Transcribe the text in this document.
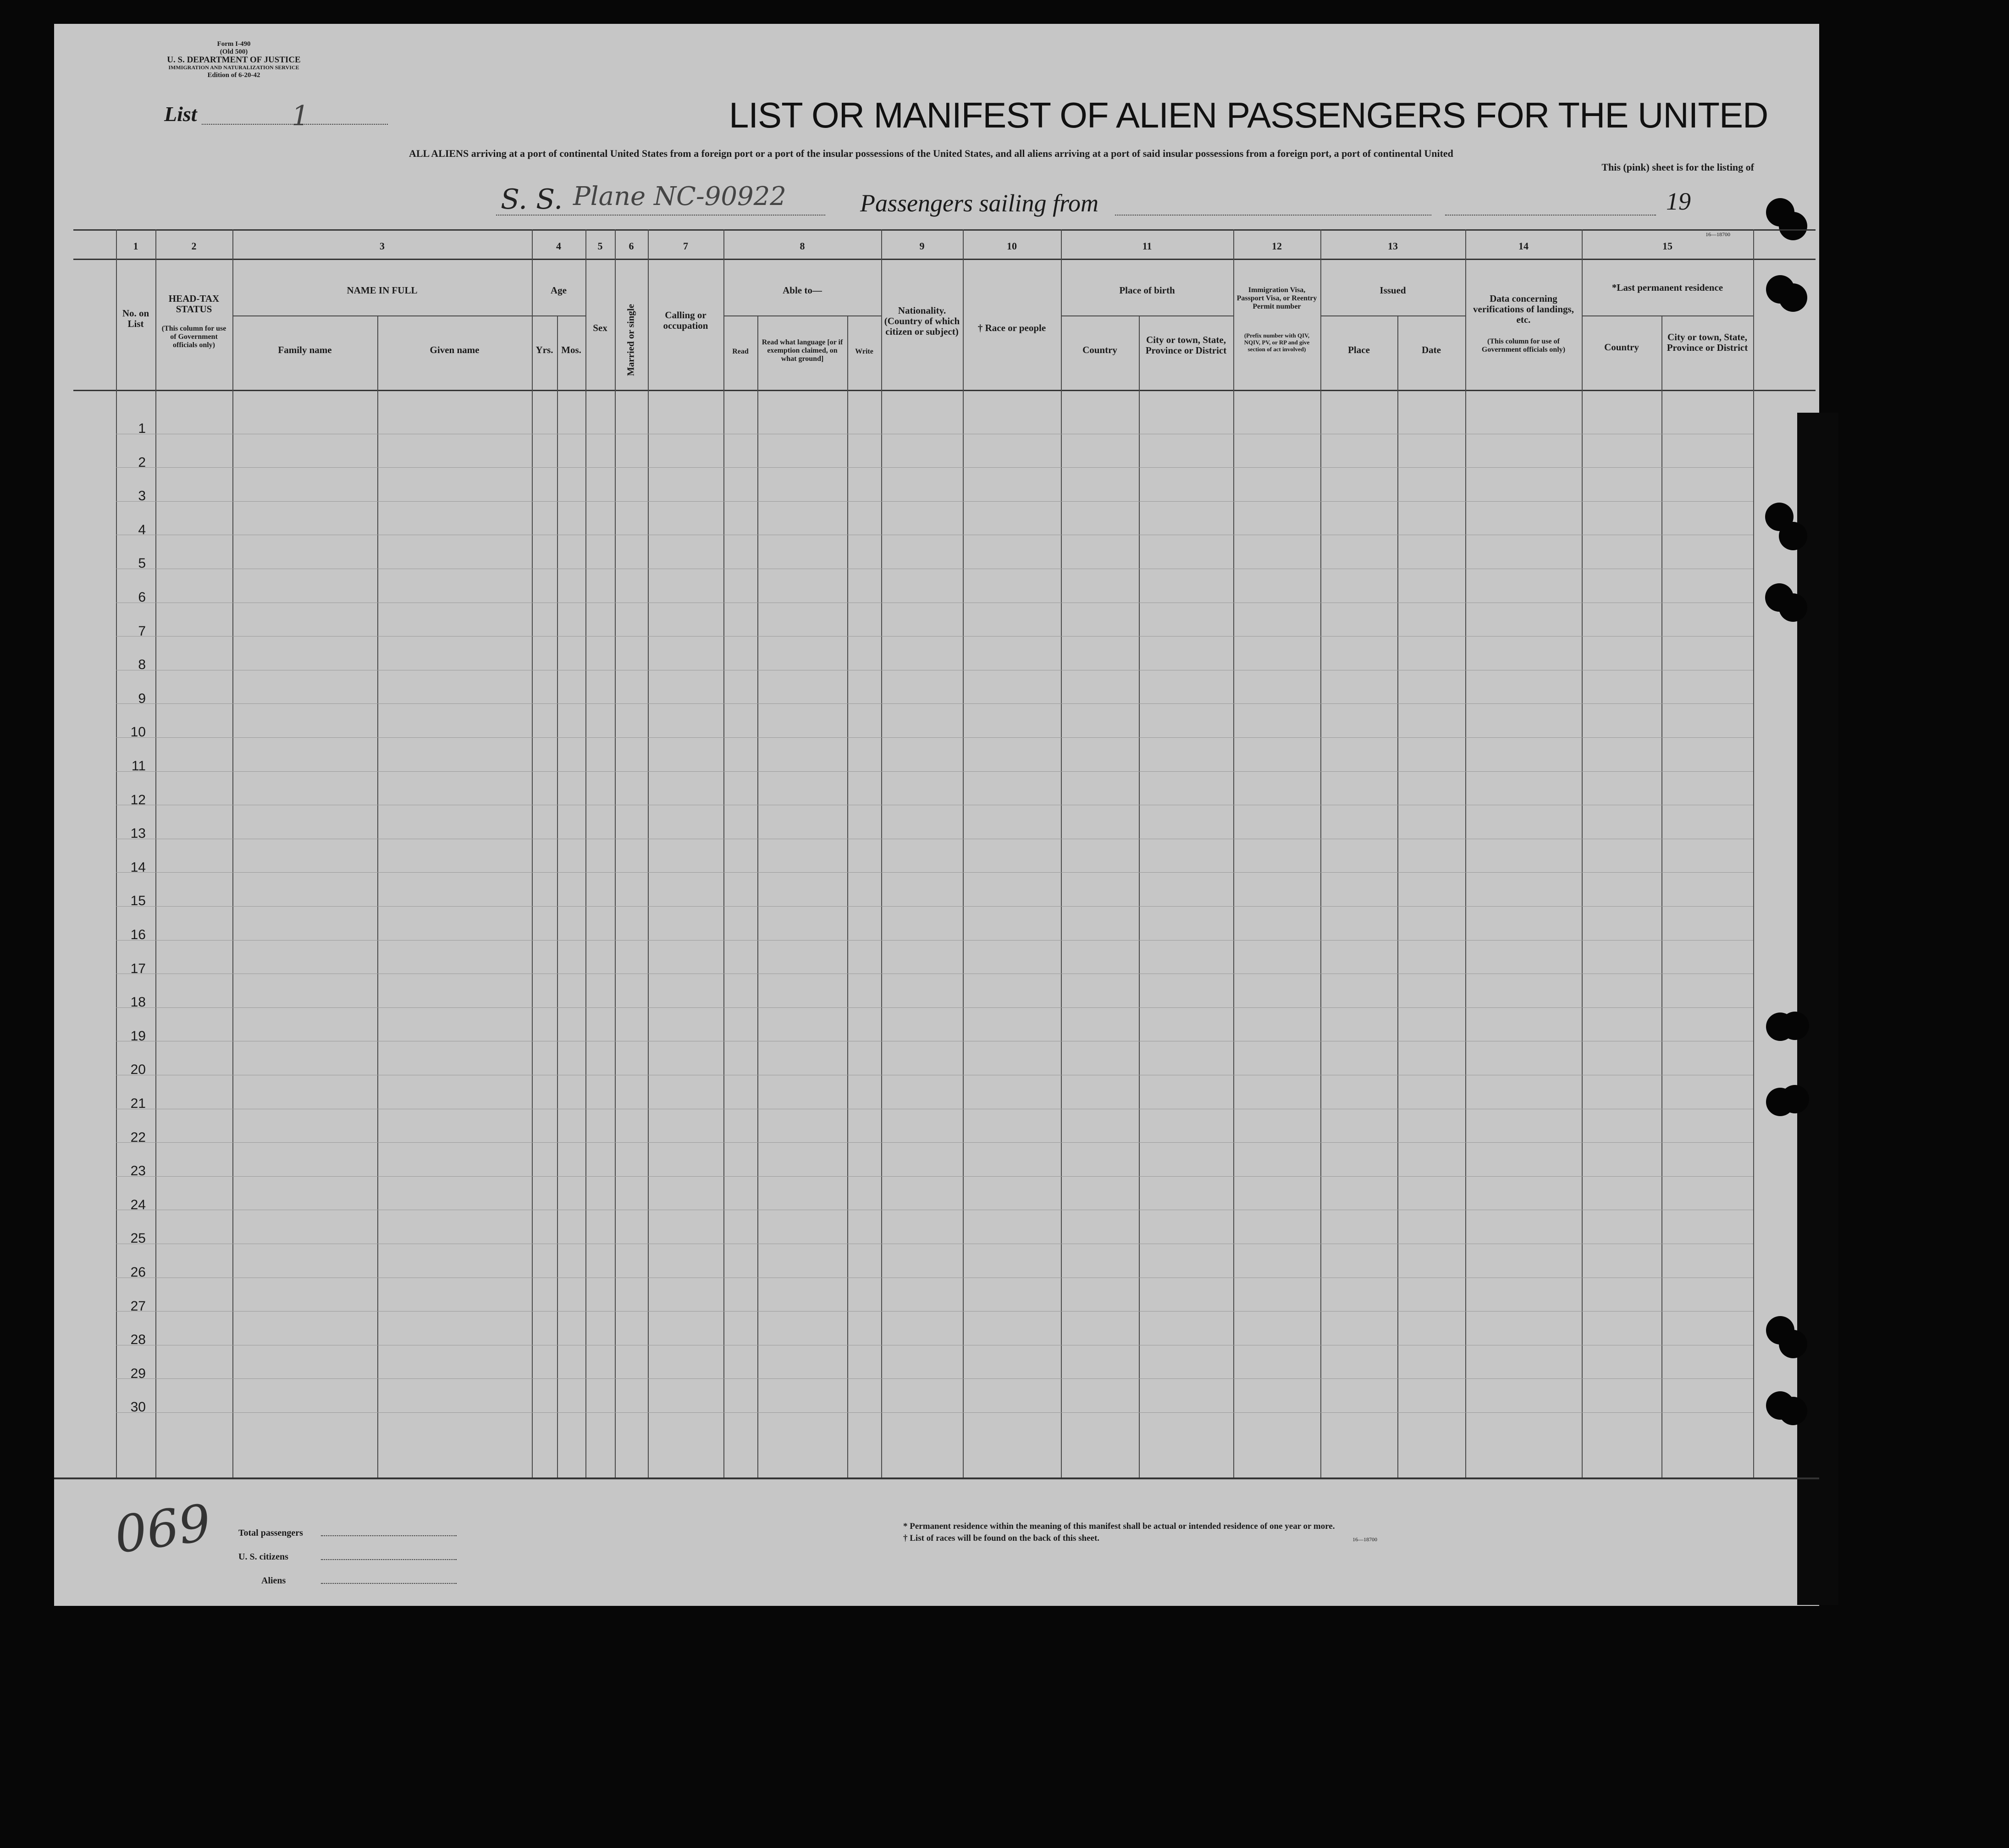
Form I-490
(Old 500)
U. S. DEPARTMENT OF JUSTICE
IMMIGRATION AND NATURALIZATION SERVICE
Edition of 6-20-42
List	1	LIST OR MANIFEST OF ALIEN PASSENGERS FOR THE UNITED
ALL ALIENS arriving at a port of continental United States from a foreign port or a port of the insular possessions of the United States, and all aliens arriving at a port of said insular possessions from a foreign port, a port of continental United
This (pink) sheet is for the listing of
S. S. Plane NC-90922	Passengers sailing from	19
1	2	3	4	5	6	7	8	9	10	11	12	13	14	15
16—18700
No. on List
HEAD-TAX STATUS
(This column for use of Government officials only)
NAME IN FULL
Family name	Given name
Age
Yrs. Mos.
Sex	Married or single	Calling or occupation
Able to—
Read
Read what language [or if exemption claimed, on what ground]
Write
Nationality. (Country of which citizen or subject)	† Race or people
Place of birth
Country
City or town, State, Province or District
Immigration Visa, Passport Visa, or Reentry Permit number
(Prefix number with QIV, NQIV, PV, or RP and give section of act involved)
Issued
Place	Date
Data concerning verifications of landings, etc.
(This column for use of Government officials only)
*Last permanent residence
Country
City or town, State, Province or District
1
2
3
4
5
6
7
8
9
10
11
12
13
14
15
16
17
18
19
20
21
22
23
24
25
26
27
28
29
30
069	Total passengers
U. S. citizens
Aliens
* Permanent residence within the meaning of this manifest shall be actual or intended residence of one year or more.
† List of races will be found on the back of this sheet.	16—18700
